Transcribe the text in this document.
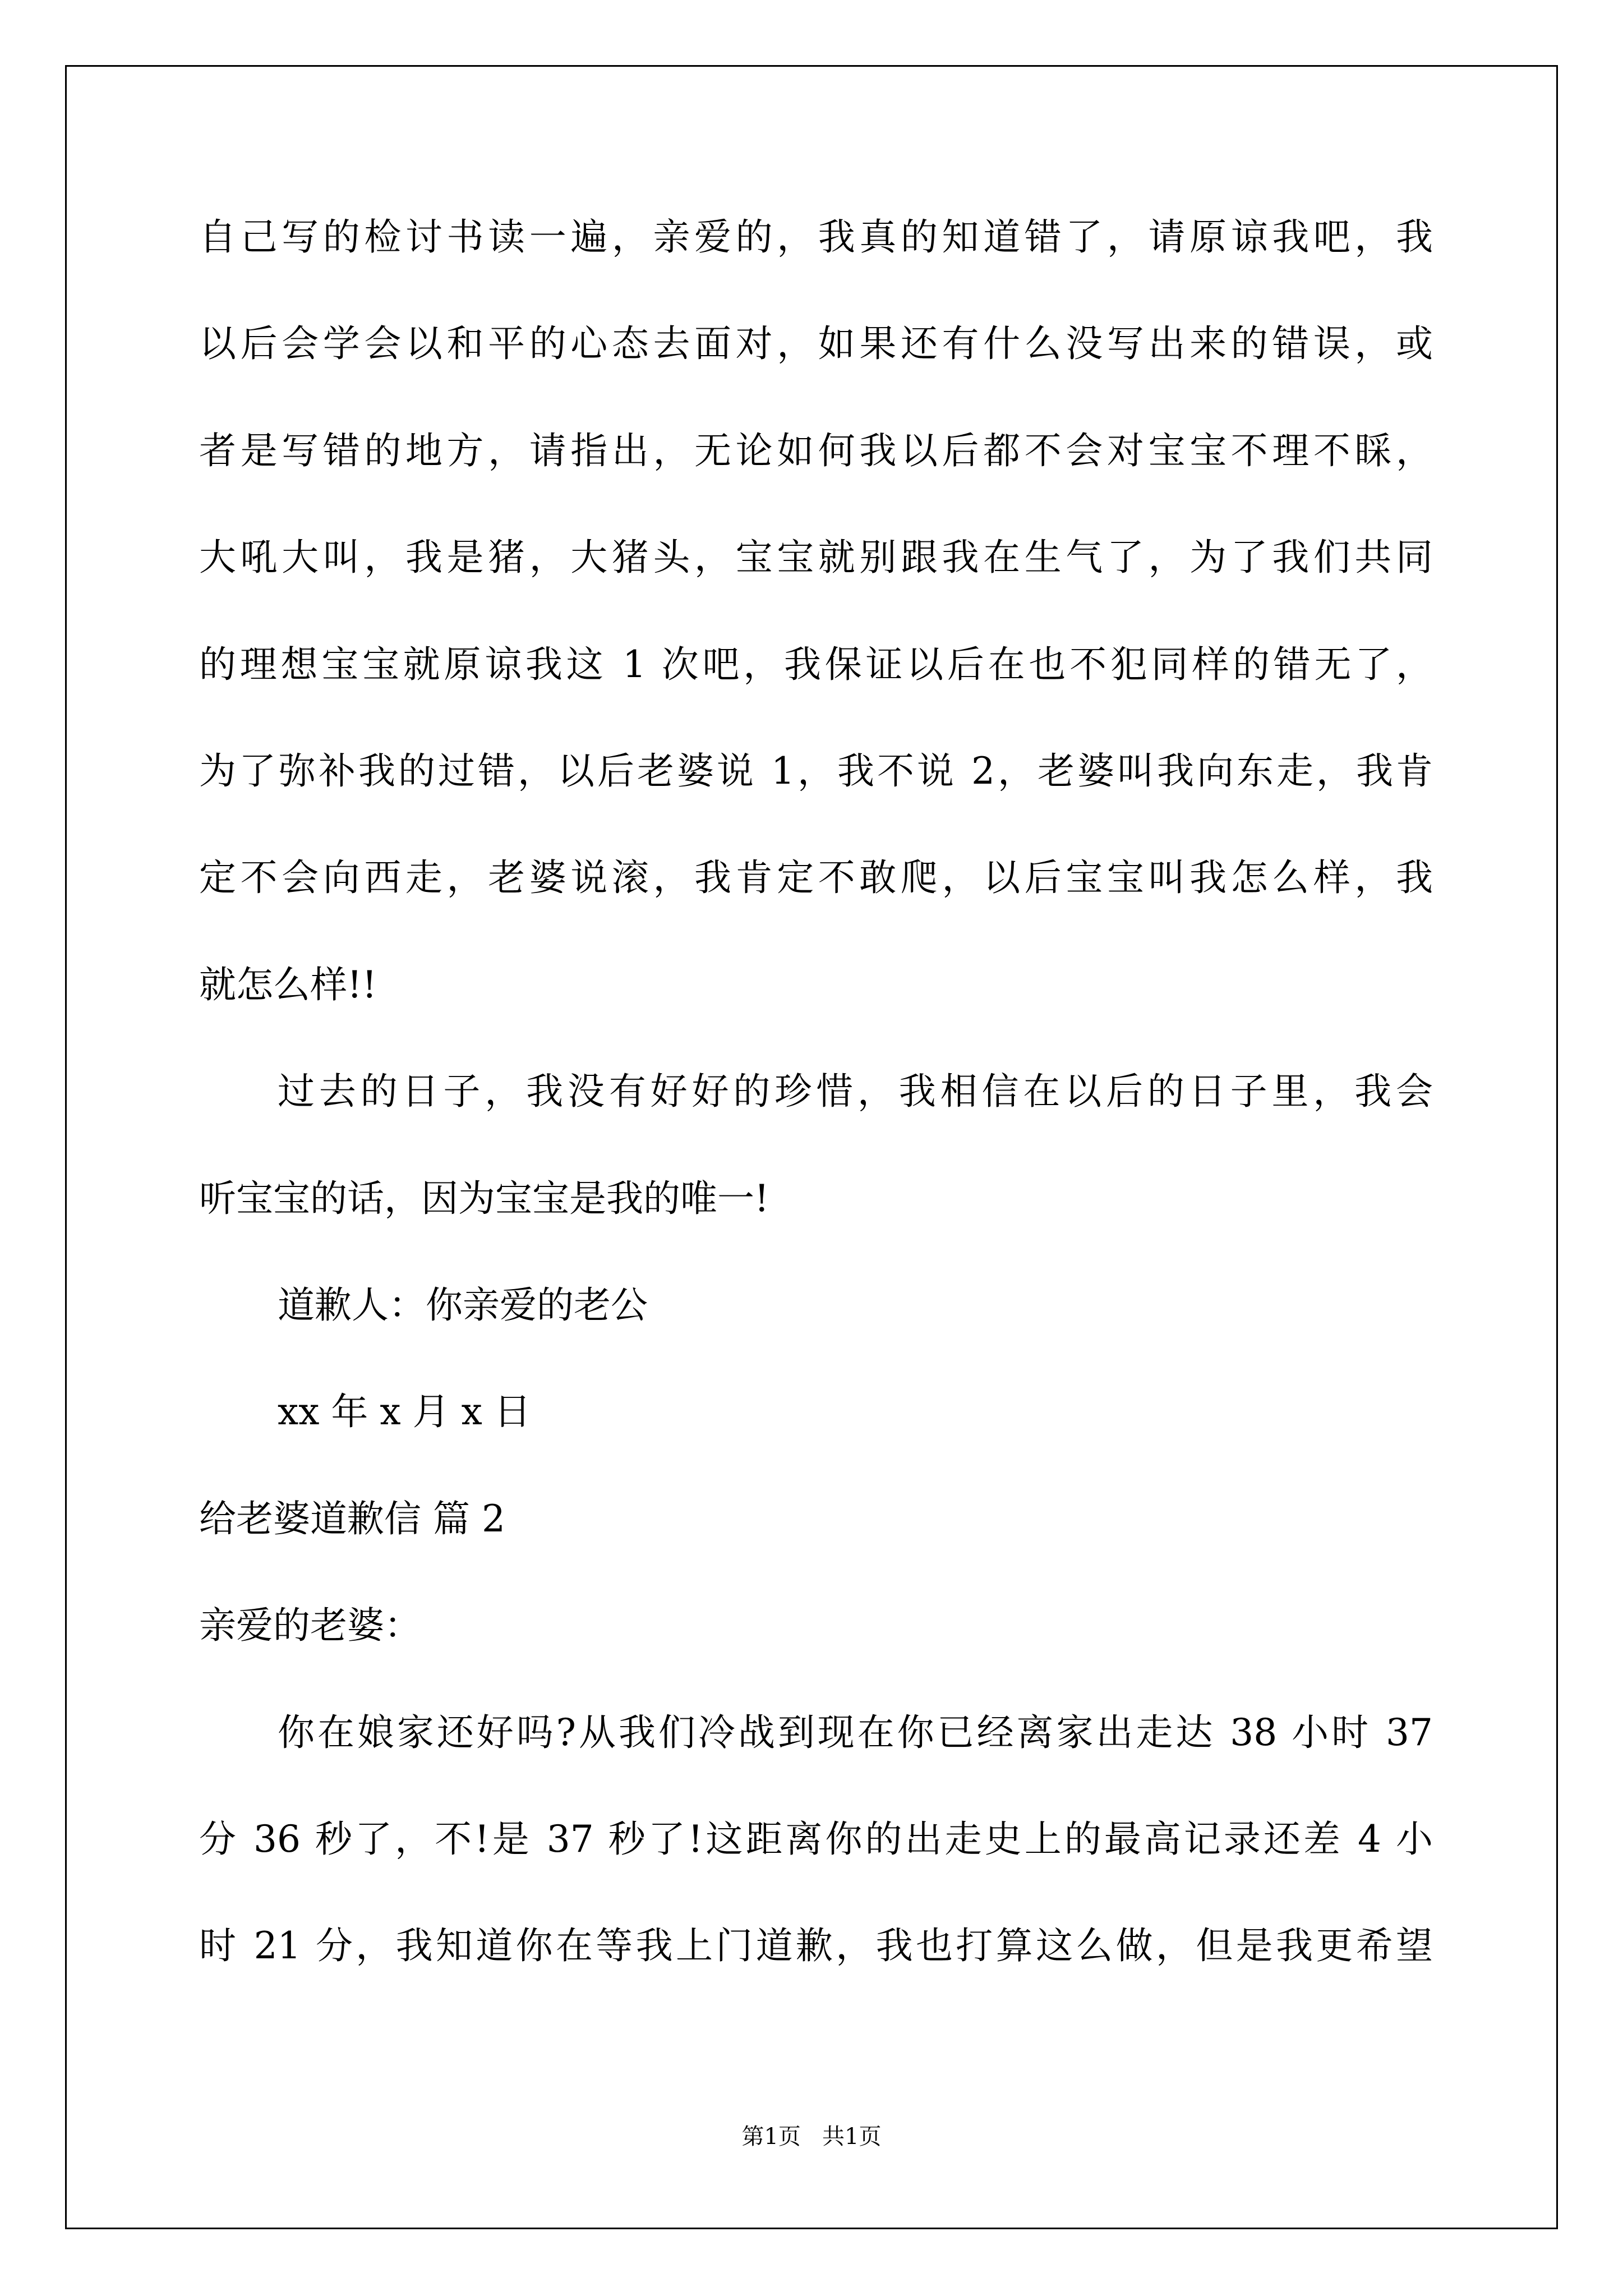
自己写的检讨书读一遍，亲爱的，我真的知道错了，请原谅我吧，我
以后会学会以和平的心态去面对，如果还有什么没写出来的错误，或
者是写错的地方，请指出，无论如何我以后都不会对宝宝不理不睬，
大吼大叫，我是猪，大猪头，宝宝就别跟我在生气了，为了我们共同
的理想宝宝就原谅我这 1 次吧，我保证以后在也不犯同样的错无了，
为了弥补我的过错，以后老婆说 1，我不说 2，老婆叫我向东走，我肯
定不会向西走，老婆说滚，我肯定不敢爬，以后宝宝叫我怎么样，我
就怎么样!!
过去的日子，我没有好好的珍惜，我相信在以后的日子里，我会
听宝宝的话，因为宝宝是我的唯一!
道歉人：你亲爱的老公
xx 年 x 月 x 日
给老婆道歉信 篇 2
亲爱的老婆：
你在娘家还好吗?从我们冷战到现在你已经离家出走达 38 小时 37
分 36 秒了，不!是 37 秒了!这距离你的出走史上的最高记录还差 4 小
时 21 分，我知道你在等我上门道歉，我也打算这么做，但是我更希望
第1页   共1页
